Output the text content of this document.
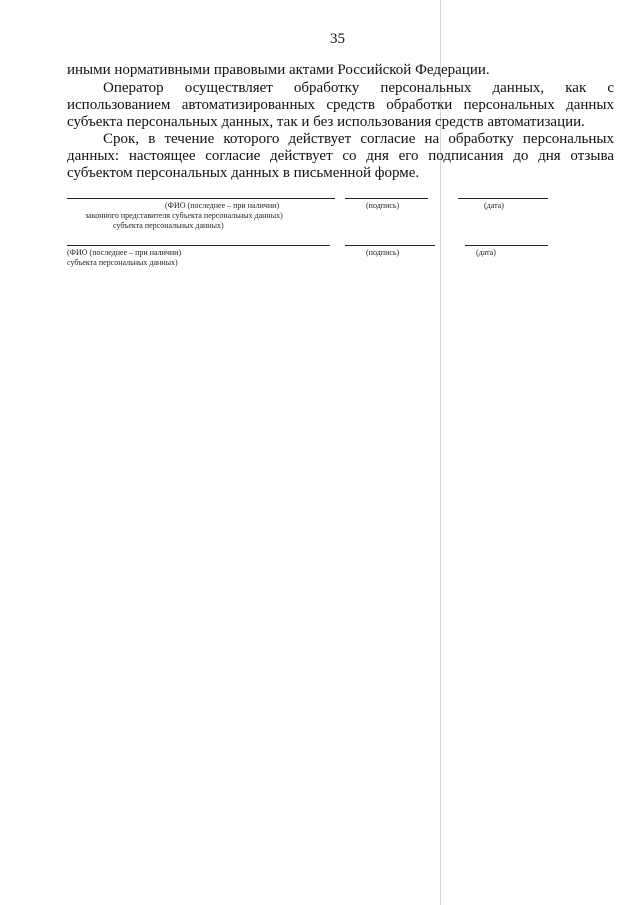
35
иными нормативными правовыми актами Российской Федерации.
Оператор осуществляет обработку персональных данных, как с
использованием автоматизированных средств обработки персональных данных
субъекта персональных данных, так и без использования средств автоматизации.
Срок, в течение которого действует согласие на обработку персональных
данных: настоящее согласие действует со дня его подписания до дня отзыва
субъектом персональных данных в письменной форме.
(ФИО (последнее – при наличии)
законного представителя субъекта персональных данных)
субъекта персональных данных)
(подпись)	(дата)
(ФИО (последнее – при наличии)
субъекта персональных данных)
(подпись)	(дата)
